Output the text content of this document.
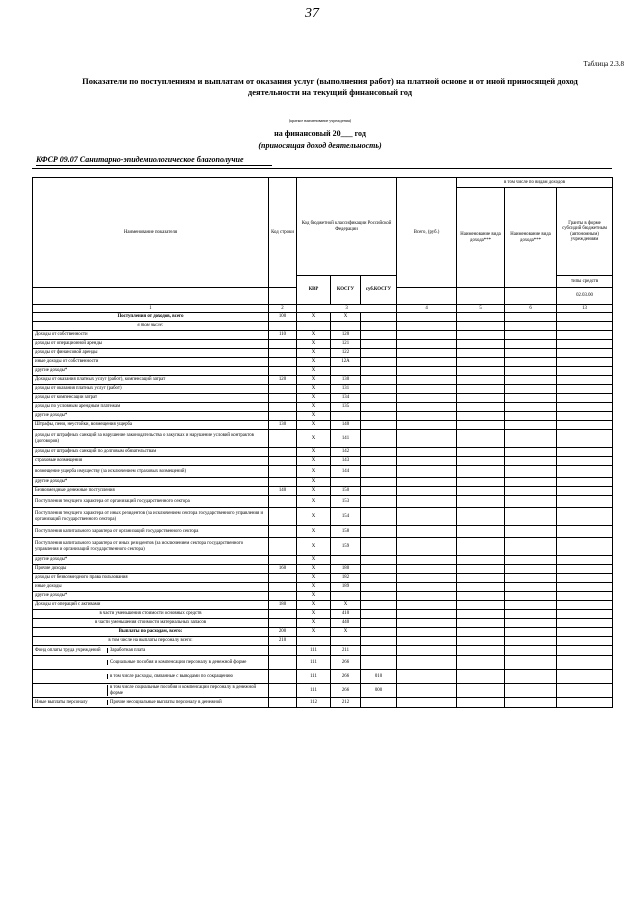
37
Таблица 2.3.8
Показатели по поступлениям и выплатам от оказания услуг (выполнения работ) на платной основе и от иной приносящей доход
деятельности на текущий финансовый год
(краткое наименование учреждения)
на финансовый 20___ год
(приносящая доход деятельность)
КФСР 09.07 Санитарно-эпидемиологическое благополучие
Наименование показателя	Код строки	Код бюджетной классификации Российской Федерации			Всего, (руб.)	в том числе по видам доходов		
						Наименование вида дохода***	Наименование вида дохода***	Гранты в форме субсидий бюджетным (автономным) учреждениям
		КВР	КОСГУ	суб.КОСГУ				типы средств
								02.03.00
1	2	3			4	5	6	13
Поступления от доходов, всего	100	X	X					
в том числе:								
Доходы от собственности	110	X	120					
доходы от операционной аренды		X	121					
доходы от финансовой аренды		X	122					
иные доходы от собственности		X	12А					
другие доходы*		X						
Доходы от оказания платных услуг (работ), компенсаций затрат	120	X	130					
доходы от оказания платных услуг (работ)		X	131					
доходы от компенсации затрат		X	134					
доходы по условным арендным платежам		X	135					
другие доходы*		X						
Штрафы, пени, неустойки, возмещения ущерба	130	X	140					
доходы от штрафных санкций за нарушение законодательства о закупках и нарушение условий контрактов (договоров)		X	141					
доходы от штрафных санкций по долговым обязательствам		X	142					
страховые возмещения		X	143					
возмещение ущерба имуществу (за исключением страховых возмещений)		X	144					
другие доходы*		X						
Безвозмездные денежные поступления	140	X	150					
Поступления текущего характера от организаций государственного сектора		X	153					
Поступления текущего характера от иных резидентов (за исключением сектора государственного управления и организаций государственного сектора)		X	154					
Поступления капитального характера от организаций государственного сектора		X	158					
Поступления капитального характера от иных резидентов (за исключением сектора государственного управления и организаций государственного сектора)		X	159					
другие доходы*		X						
Прочие доходы	160	X	180					
доходы от безвозмездного права пользования		X	182					
иные доходы		X	189					
другие доходы*		X						
Доходы от операций с активами	180	X	X					
в части уменьшения стоимости основных средств		X	410					
в части уменьшения стоимости материальных запасов		X	440					
Выплаты по расходам, всего:	200	X	X					
в том числе на выплаты персоналу всего:	210							

Фонд оплаты труда учреждений Заработная плата		111	211					

Социальные пособия и компенсации персоналу в денежной форме		111	266					

в том числе расходы, связанные с выводами по сокращению		111	266	010				

в том числе социальные пособия и компенсации персоналу в денежной форме		111	266	000				

Иные выплаты персоналу Прочие несоциальные выплаты персоналу в денежной		112	212					
